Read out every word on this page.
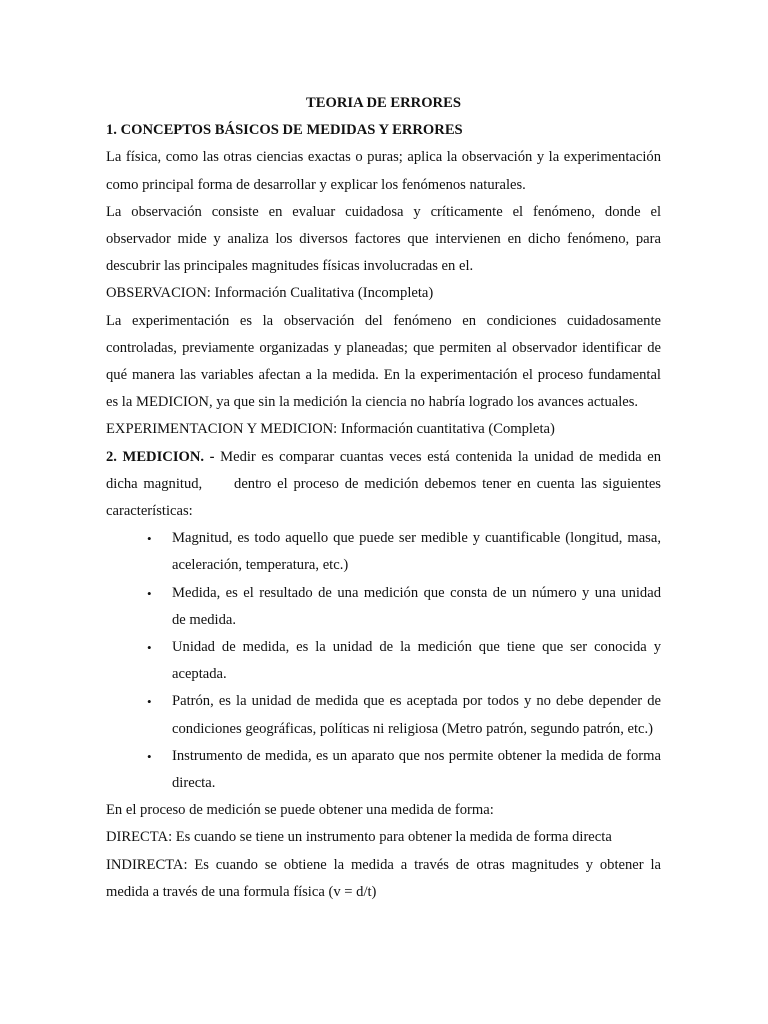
TEORIA DE ERRORES

1. CONCEPTOS BÁSICOS DE MEDIDAS Y ERRORES

La física, como las otras ciencias exactas o puras; aplica la observación y la experimentación
como principal forma de desarrollar y explicar los fenómenos naturales.

La observación consiste en evaluar cuidadosa y críticamente el fenómeno, donde el
observador mide y analiza los diversos factores que intervienen en dicho fenómeno, para
descubrir las principales magnitudes físicas involucradas en el.

OBSERVACION: Información Cualitativa (Incompleta)

La experimentación es la observación del fenómeno en condiciones cuidadosamente
controladas, previamente organizadas y planeadas; que permiten al observador identificar de
qué manera las variables afectan a la medida. En la experimentación el proceso fundamental
es la MEDICION, ya que sin la medición la ciencia no habría logrado los avances actuales.

EXPERIMENTACION Y MEDICION: Información cuantitativa (Completa)

2. MEDICION. - Medir es comparar cuantas veces está contenida la unidad de medida en
dicha magnitud, dentro el proceso de medición debemos tener en cuenta las siguientes
características:

• Magnitud, es todo aquello que puede ser medible y cuantificable (longitud, masa,
aceleración, temperatura, etc.)
• Medida, es el resultado de una medición que consta de un número y una unidad
de medida.
• Unidad de medida, es la unidad de la medición que tiene que ser conocida y
aceptada.
• Patrón, es la unidad de medida que es aceptada por todos y no debe depender de
condiciones geográficas, políticas ni religiosa (Metro patrón, segundo patrón, etc.)
• Instrumento de medida, es un aparato que nos permite obtener la medida de forma
directa.

En el proceso de medición se puede obtener una medida de forma:

DIRECTA: Es cuando se tiene un instrumento para obtener la medida de forma directa

INDIRECTA: Es cuando se obtiene la medida a través de otras magnitudes y obtener la
medida a través de una formula física (v = d/t)
